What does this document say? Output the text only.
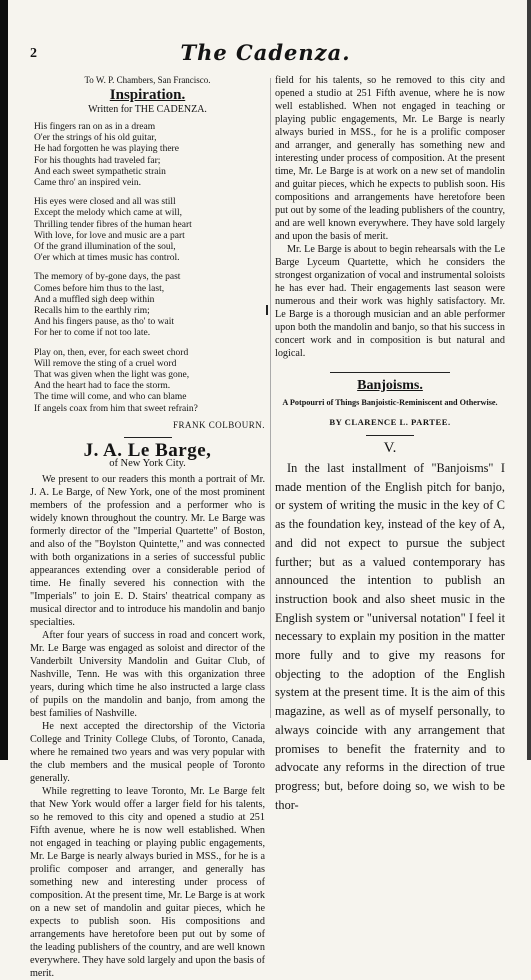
2	The Cadenza.
To W. P. Chambers, San Francisco.
Inspiration.
Written for THE CADENZA.
His fingers ran on as in a dream
O'er the strings of his old guitar,
He had forgotten he was playing there
For his thoughts had traveled far;
And each sweet sympathetic strain
Came thro' an inspired vein.
His eyes were closed and all was still
Except the melody which came at will,
Thrilling tender fibres of the human heart
With love, for love and music are a part
Of the grand illumination of the soul,
O'er which at times music has control.
The memory of by-gone days, the past
Comes before him thus to the last,
And a muffled sigh deep within
Recalls him to the earthly rim;
And his fingers pause, as tho' to wait
For her to come if not too late.
Play on, then, ever, for each sweet chord
Will remove the sting of a cruel word
That was given when the light was gone,
And the heart had to face the storm.
The time will come, and who can blame
If angels coax from him that sweet refrain?
FRANK COLBOURN.
J. A. Le Barge,
of New York City.

We present to our readers this month a portrait of Mr. J. A. Le Barge, of New York, one of the most prominent members of the profession and a performer who is widely known throughout the country. Mr. Le Barge was formerly director of the "Imperial Quartette" of Boston, and also of the "Boylston Quintette," and was connected with both organizations in a series of successful public appearances extending over a considerable period of time. He finally severed his connection with the "Imperials" to join E. D. Stairs' theatrical company as musical director and to introduce his mandolin and banjo specialties.

After four years of success in road and concert work, Mr. Le Barge was engaged as soloist and director of the Vanderbilt University Mandolin and Guitar Club, of Nashville, Tenn. He was with this organization three years, during which time he also instructed a large class of pupils on the mandolin and banjo, from among the best families of Nashville.

He next accepted the directorship of the Victoria College and Trinity College Clubs, of Toronto, Canada, where he remained two years and was very popular with the club members and the musical people of Toronto generally.

While regretting to leave Toronto, Mr. Le Barge felt that New York would offer a larger field for his talents, so he removed to this city and opened a studio at 251 Fifth avenue, where he is now well established. When not engaged in teaching or playing public engagements, Mr. Le Barge is nearly always buried in MSS., for he is a prolific composer and arranger, and generally has something new and interesting under process of composition. At the present time, Mr. Le Barge is at work on a new set of mandolin and guitar pieces, which he expects to publish soon. His compositions and arrangements have heretofore been put out by some of the leading publishers of the country, and are well known everywhere. They have sold largely and upon the basis of merit.

field for his talents, so he removed to this city and opened a studio at 251 Fifth avenue, where he is now well established. When not engaged in teaching or playing public engagements, Mr. Le Barge is nearly always buried in MSS., for he is a prolific composer and arranger, and generally has something new and interesting under process of composition. At the present time, Mr. Le Barge is at work on a new set of mandolin and guitar pieces, which he expects to publish soon. His compositions and arrangements have heretofore been put out by some of the leading publishers of the country, and are well known everywhere. They have sold largely and upon the basis of merit.

Mr. Le Barge is about to begin rehearsals with the Le Barge Lyceum Quartette, which he considers the strongest organization of vocal and instrumental soloists he has ever had. Their engagements last season were numerous and their work was highly satisfactory. Mr. Le Barge is a thorough musician and an able performer upon both the mandolin and banjo, so that his success in concert work and in composition is but natural and logical.

Banjoisms.
A Potpourri of Things Banjoistic-Reminiscent and Otherwise.
BY CLARENCE L. PARTEE.
V.
In the last installment of "Banjoisms" I made mention of the English pitch for banjo, or system of writing the music in the key of C as the foundation key, instead of the key of A, and did not expect to pursue the subject further; but as a valued contemporary has announced the intention to publish an instruction book and also sheet music in the English system or "universal notation" I feel it necessary to explain my position in the matter more fully and to give my reasons for objecting to the adoption of the English system at the present time. It is the aim of this magazine, as well as of myself personally, to always coincide with any arrangement that promises to benefit the fraternity and to advocate any reforms in the direction of true progress; but, before doing so, we wish to be thor-
